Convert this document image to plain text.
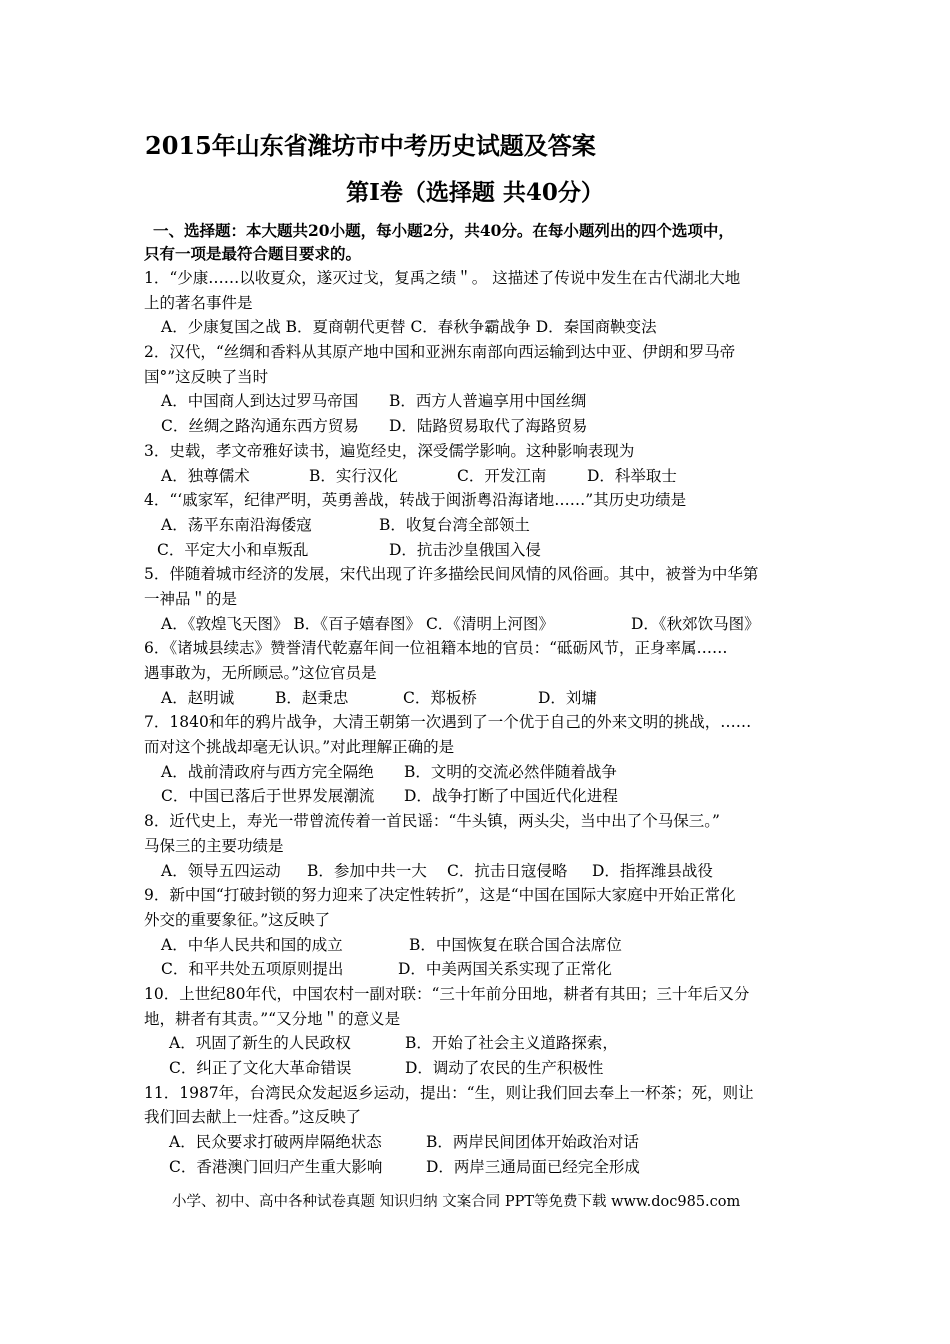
2015年山东省潍坊市中考历史试题及答案
第Ⅰ卷（选择题 共40分）
一、选择题：本大题共20小题，每小题2分，共40分。在每小题列出的四个选项中，
只有一项是最符合题目要求的。
1．“少康……以收夏众，遂灭过戈，复禹之绩＂。 这描述了传说中发生在古代湖北大地
上的著名事件是
A．少康复国之战 B．夏商朝代更替 C．春秋争霸战争 D．秦国商鞅变法
2．汉代，“丝绸和香料从其原产地中国和亚洲东南部向西运输到达中亚、伊朗和罗马帝
国°”这反映了当时
A．中国商人到达过罗马帝国 B．西方人普遍享用中国丝绸
C．丝绸之路沟通东西方贸易 D．陆路贸易取代了海路贸易
3．史载，孝文帝雅好读书，遍览经史，深受儒学影响。这种影响表现为
A．独尊儒术	B．实行汉化	C．开发江南	D．科举取士
4．“‘戚家军，纪律严明，英勇善战，转战于闽浙粤沿海诸地……”其历史功绩是
A．荡平东南沿海倭寇	B．收复台湾全部领土
C．平定大小和卓叛乱	D．抗击沙皇俄国入侵
5．伴随着城市经济的发展，宋代出现了许多描绘民间风情的风俗画。其中，被誉为中华第
一神品＂的是
A．《敦煌飞天图》 B．《百子嬉春图》 C．《清明上河图》	D．《秋郊饮马图》
6．《诸城县续志》赞誉清代乾嘉年间一位祖籍本地的官员：“砥砺风节，正身率属……
遇事敢为，无所顾忌。”这位官员是
A．赵明诚	B．赵秉忠	C．郑板桥	D．刘墉
7．1840和年的鸦片战争，大清王朝第一次遇到了一个优于自己的外来文明的挑战，……
而对这个挑战却毫无认识。”对此理解正确的是
A．战前清政府与西方完全隔绝 B．文明的交流必然伴随着战争
C．中国已落后于世界发展潮流 D．战争打断了中国近代化进程
8．近代史上，寿光一带曾流传着一首民谣：“牛头镇，两头尖，当中出了个马保三。”
马保三的主要功绩是
A．领导五四运动 B．参加中共一大 C．抗击日寇侵略 D．指挥潍县战役
9．新中国“打破封锁的努力迎来了决定性转折”，这是“中国在国际大家庭中开始正常化
外交的重要象征。”这反映了
A．中华人民共和国的成立	B．中国恢复在联合国合法席位
C．和平共处五项原则提出	D．中美两国关系实现了正常化
10．上世纪80年代，中国农村一副对联：“三十年前分田地，耕者有其田；三十年后又分
地，耕者有其责。”“又分地＂的意义是
A．巩固了新生的人民政权	B．开始了社会主义道路探索，
C．纠正了文化大革命错误	D．调动了农民的生产积极性
11．1987年，台湾民众发起返乡运动，提出：“生，则让我们回去奉上一杯茶；死，则让
我们回去献上一炷香。”这反映了
A．民众要求打破两岸隔绝状态	B．两岸民间团体开始政治对话
C．香港澳门回归产生重大影响	D．两岸三通局面已经完全形成
小学、初中、高中各种试卷真题 知识归纳 文案合同 PPT等免费下载 www.doc985.com
